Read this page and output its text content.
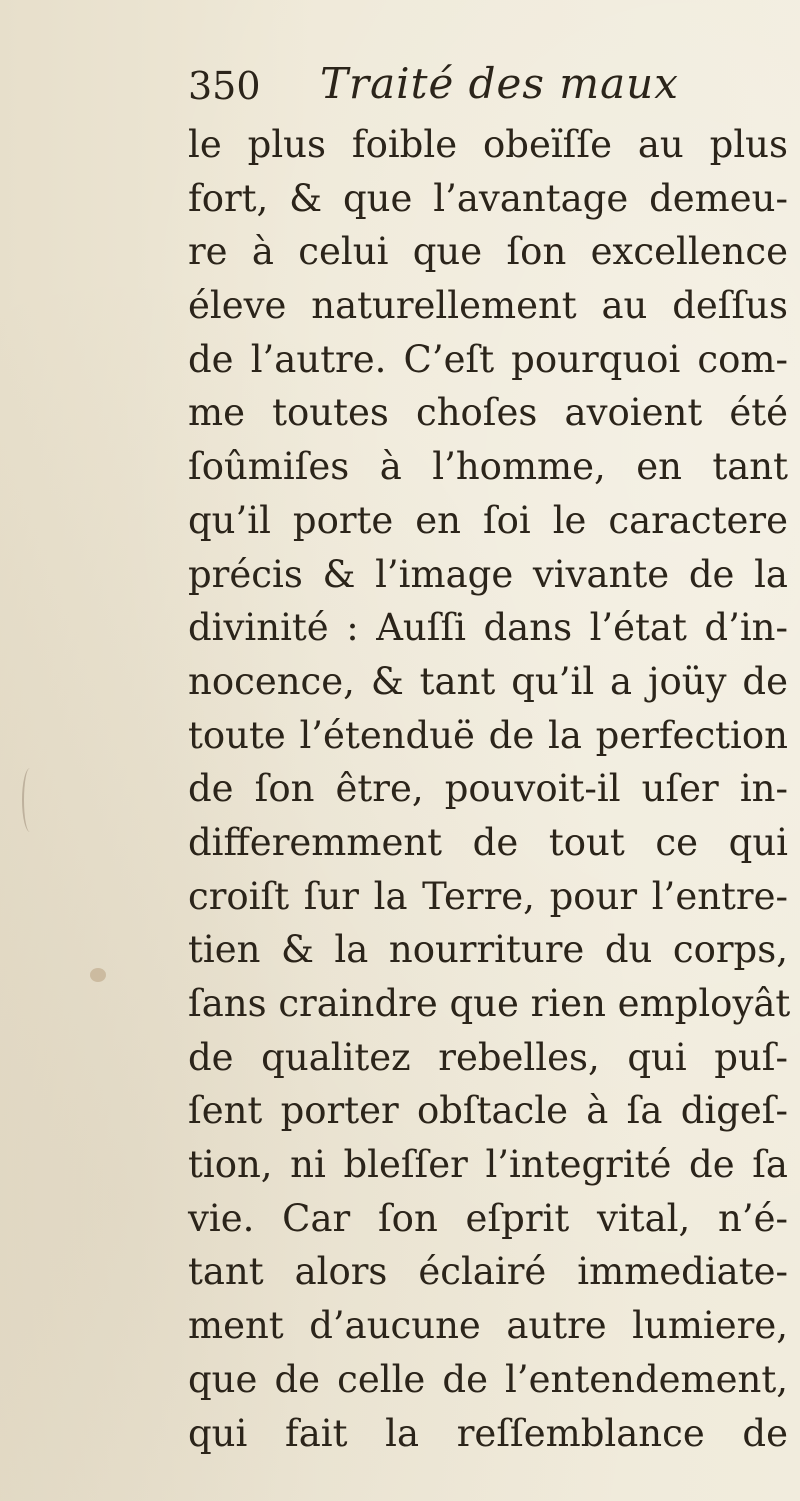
350 Traité des maux
le plus foible obeïſſe au plus
fort, & que l’avantage demeu-
re à celui que ſon excellence
éleve naturellement au deſſus
de l’autre. C’eſt pourquoi com-
me toutes choſes avoient été
ſoûmiſes à l’homme, en tant
qu’il porte en ſoi le caractere
précis & l’image vivante de la
divinité : Auſſi dans l’état d’in-
nocence, & tant qu’il a joüy de
toute l’étenduë de la perfection
de ſon être, pouvoit-il uſer in-
differemment de tout ce qui
croiſt ſur la Terre, pour l’entre-
tien & la nourriture du corps,
ſans craindre que rien employât
de qualitez rebelles, qui puſ-
ſent porter obſtacle à ſa digeſ-
tion, ni bleſſer l’integrité de ſa
vie. Car ſon eſprit vital, n’é-
tant alors éclairé immediate-
ment d’aucune autre lumiere,
que de celle de l’entendement,
qui fait la reſſemblance de
